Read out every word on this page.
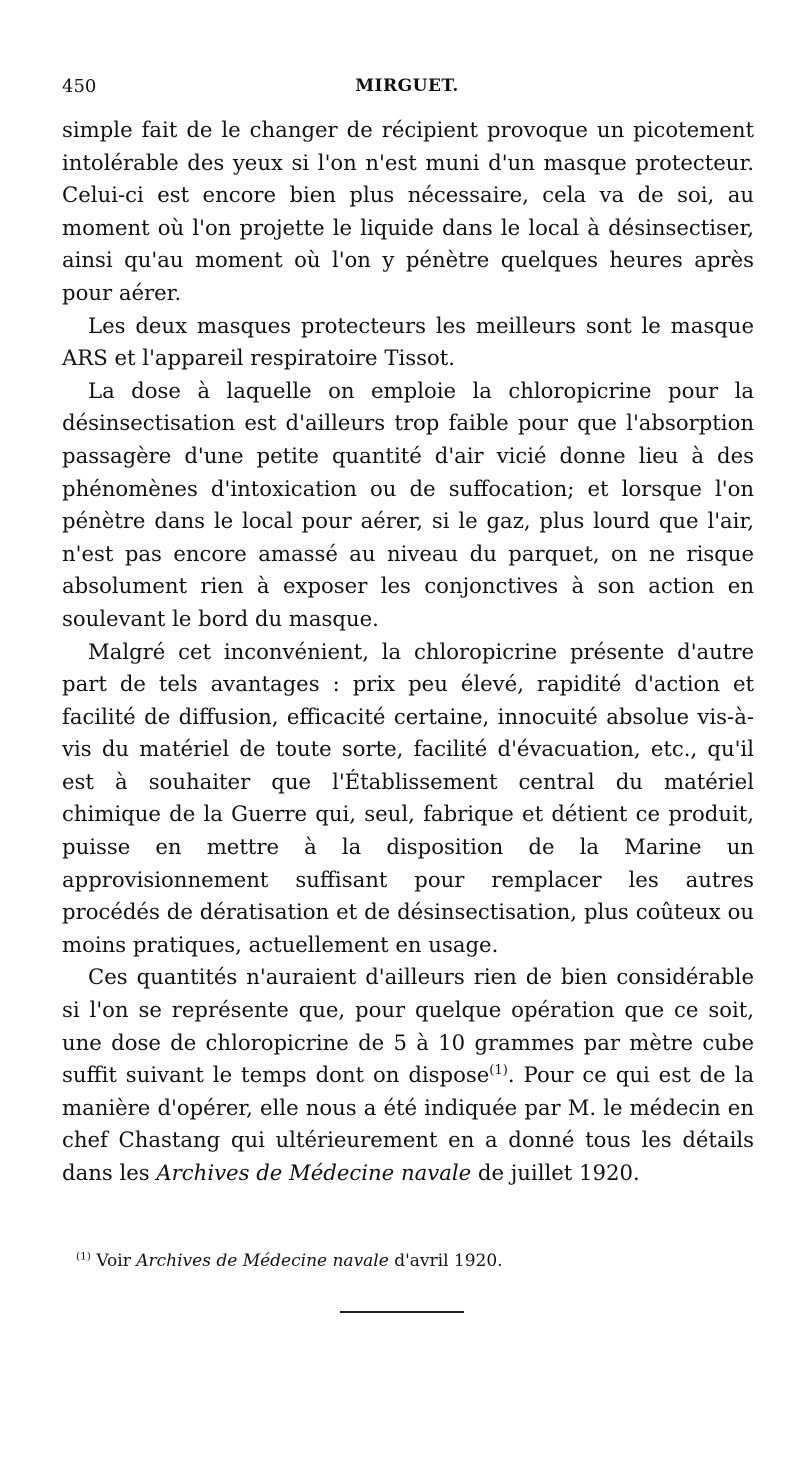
450	MIRGUET.

simple fait de le changer de récipient provoque un picotement intolérable des yeux si l'on n'est muni d'un masque protecteur. Celui-ci est encore bien plus nécessaire, cela va de soi, au moment où l'on projette le liquide dans le local à désinsectiser, ainsi qu'au moment où l'on y pénètre quelques heures après pour aérer.

Les deux masques protecteurs les meilleurs sont le masque ARS et l'appareil respiratoire Tissot.

La dose à laquelle on emploie la chloropicrine pour la désinsectisation est d'ailleurs trop faible pour que l'absorption passagère d'une petite quantité d'air vicié donne lieu à des phénomènes d'intoxication ou de suffocation; et lorsque l'on pénètre dans le local pour aérer, si le gaz, plus lourd que l'air, n'est pas encore amassé au niveau du parquet, on ne risque absolument rien à exposer les conjonctives à son action en soulevant le bord du masque.

Malgré cet inconvénient, la chloropicrine présente d'autre part de tels avantages : prix peu élevé, rapidité d'action et facilité de diffusion, efficacité certaine, innocuité absolue vis-à-vis du matériel de toute sorte, facilité d'évacuation, etc., qu'il est à souhaiter que l'Établissement central du matériel chimique de la Guerre qui, seul, fabrique et détient ce produit, puisse en mettre à la disposition de la Marine un approvisionnement suffisant pour remplacer les autres procédés de dératisation et de désinsectisation, plus coûteux ou moins pratiques, actuellement en usage.

Ces quantités n'auraient d'ailleurs rien de bien considérable si l'on se représente que, pour quelque opération que ce soit, une dose de chloropicrine de 5 à 10 grammes par mètre cube suffit suivant le temps dont on dispose$^{(1)}$. Pour ce qui est de la manière d'opérer, elle nous a été indiquée par M. le médecin en chef Chastang qui ultérieurement en a donné tous les détails dans les Archives de Médecine navale de juillet 1920.

$^{(1)}$ Voir Archives de Médecine navale d'avril 1920.
